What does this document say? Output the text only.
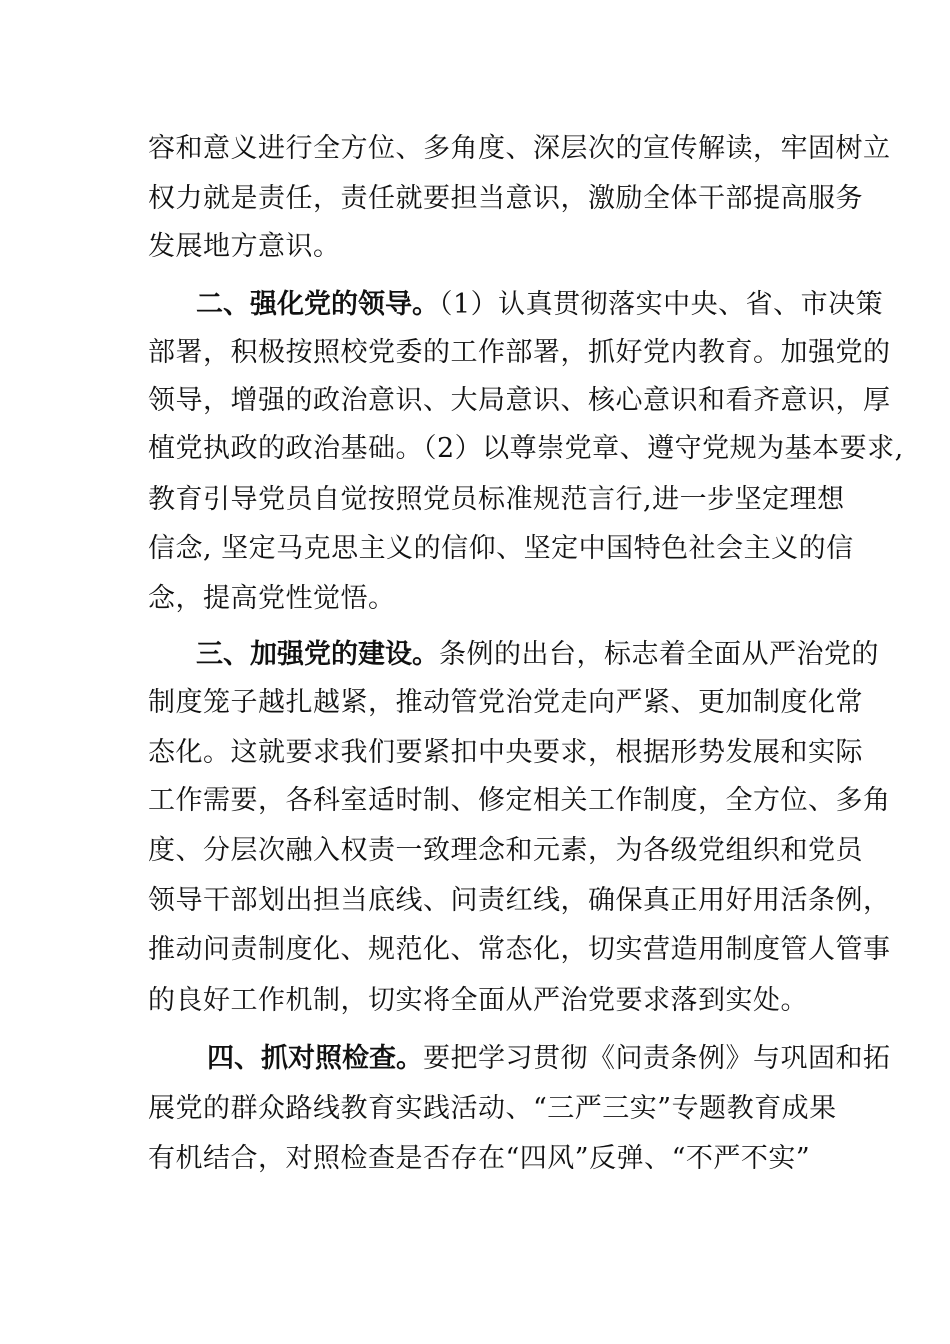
容和意义进行全方位、多角度、深层次的宣传解读，牢固树立
权力就是责任，责任就要担当意识，激励全体干部提高服务
发展地方意识。
二、强化党的领导。（1）认真贯彻落实中央、省、市决策
部署，积极按照校党委的工作部署，抓好党内教育。加强党的
领导，增强的政治意识、大局意识、核心意识和看齐意识，厚
植党执政的政治基础。（2）以尊崇党章、遵守党规为基本要求,
教育引导党员自觉按照党员标准规范言行,进一步坚定理想
信念, 坚定马克思主义的信仰、坚定中国特色社会主义的信
念，提高党性觉悟。
三、加强党的建设。条例的出台，标志着全面从严治党的
制度笼子越扎越紧，推动管党治党走向严紧、更加制度化常
态化。这就要求我们要紧扣中央要求，根据形势发展和实际
工作需要，各科室适时制、修定相关工作制度，全方位、多角
度、分层次融入权责一致理念和元素，为各级党组织和党员
领导干部划出担当底线、问责红线，确保真正用好用活条例，
推动问责制度化、规范化、常态化，切实营造用制度管人管事
的良好工作机制，切实将全面从严治党要求落到实处。
四、抓对照检查。要把学习贯彻《问责条例》与巩固和拓
展党的群众路线教育实践活动、“三严三实”专题教育成果
有机结合，对照检查是否存在“四风”反弹、“不严不实”
